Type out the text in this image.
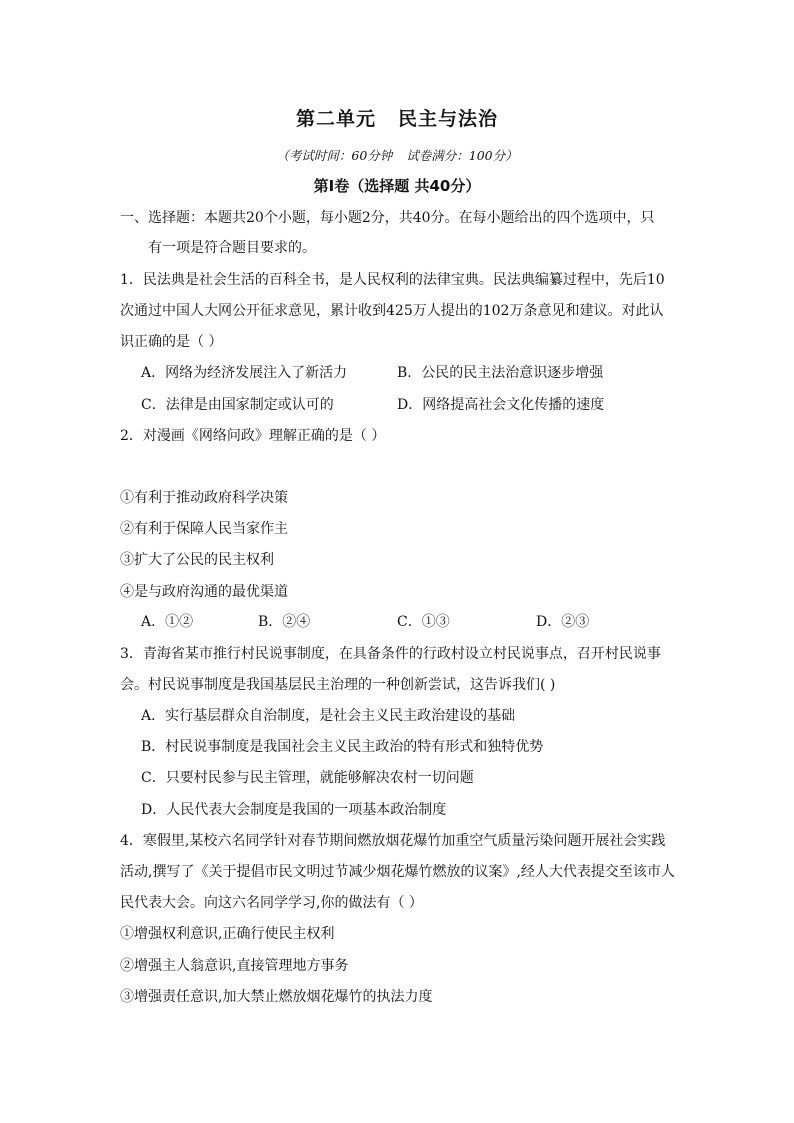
第二单元 民主与法治
（考试时间：60分钟 试卷满分：100分）
第Ⅰ卷（选择题 共40分）
一、选择题：本题共20个小题，每小题2分，共40分。在每小题给出的四个选项中，只
有一项是符合题目要求的。
1．民法典是社会生活的百科全书，是人民权利的法律宝典。民法典编纂过程中，先后10
次通过中国人大网公开征求意见，累计收到425万人提出的102万条意见和建议。对此认
识正确的是（ ）
A．网络为经济发展注入了新活力	B．公民的民主法治意识逐步增强
C．法律是由国家制定或认可的	D．网络提高社会文化传播的速度
2．对漫画《网络问政》理解正确的是（ ）
①有利于推动政府科学决策
②有利于保障人民当家作主
③扩大了公民的民主权利
④是与政府沟通的最优渠道
A．①②	B．②④	C．①③	D．②③
3．青海省某市推行村民说事制度，在具备条件的行政村设立村民说事点，召开村民说事
会。村民说事制度是我国基层民主治理的一种创新尝试，这告诉我们( )
A．实行基层群众自治制度，是社会主义民主政治建设的基础
B．村民说事制度是我国社会主义民主政治的特有形式和独特优势
C．只要村民参与民主管理，就能够解决农村一切问题
D．人民代表大会制度是我国的一项基本政治制度
4．寒假里,某校六名同学针对春节期间燃放烟花爆竹加重空气质量污染问题开展社会实践
活动,撰写了《关于提倡市民文明过节减少烟花爆竹燃放的议案》,经人大代表提交至该市人
民代表大会。向这六名同学学习,你的做法有（ ）
①增强权利意识,正确行使民主权利
②增强主人翁意识,直接管理地方事务
③增强责任意识,加大禁止燃放烟花爆竹的执法力度
